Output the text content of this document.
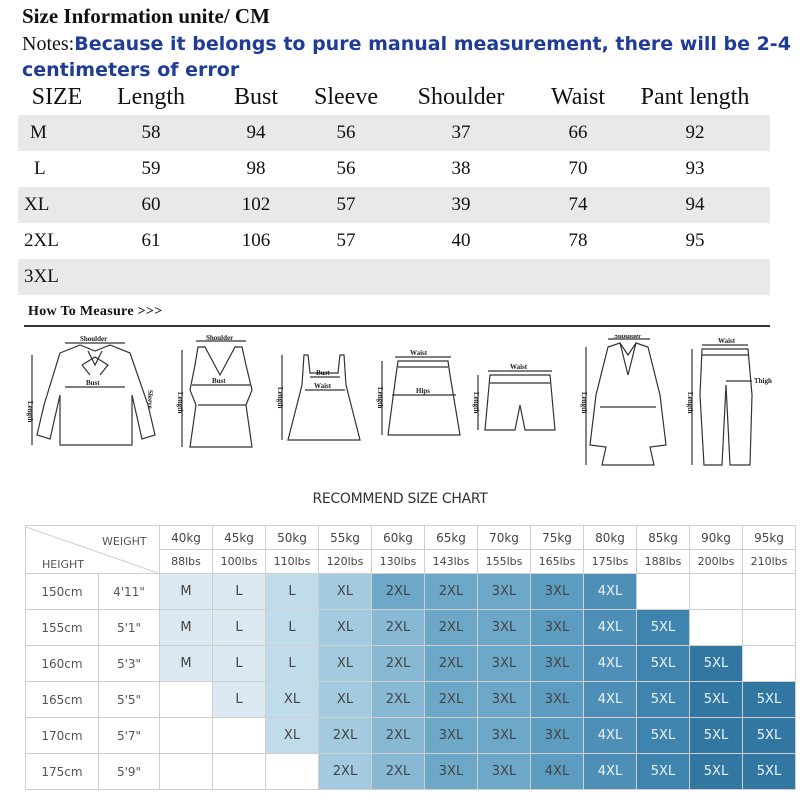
Size Information unite/ CM
Notes:Because it belongs to pure manual measurement, there will be 2-4 centimeters of error
SIZE	Length	Bust	Sleeve	Shoulder	Waist	Pant length
M	58	94	56	37	66	92
L	59	98	56	38	70	93
XL	60	102	57	39	74	94
2XL	61	106	57	40	78	95
3XL						
How To Measure >>>
Shoulder
Bust
Length
Sleeve
Shoulder
Bust
Length
Bust
Waist
Length
Waist
Hips
Length
Waist
Length
Shoulder
Length
Waist
Thigh
Length
RECOMMEND SIZE CHART
WEIGHT
HEIGHT		40kg	45kg	50kg	55kg	60kg	65kg	70kg	75kg	80kg	85kg	90kg	95kg
		88lbs	100lbs	110lbs	120lbs	130lbs	143lbs	155lbs	165lbs	175lbs	188lbs	200lbs	210lbs
150cm	4'11"	M	L	L	XL	2XL	2XL	3XL	3XL	4XL			
155cm	5'1"	M	L	L	XL	2XL	2XL	3XL	3XL	4XL	5XL		
160cm	5'3"	M	L	L	XL	2XL	2XL	3XL	3XL	4XL	5XL	5XL	
165cm	5'5"		L	XL	XL	2XL	2XL	3XL	3XL	4XL	5XL	5XL	5XL
170cm	5'7"			XL	2XL	2XL	3XL	3XL	3XL	4XL	5XL	5XL	5XL
175cm	5'9"				2XL	2XL	3XL	3XL	4XL	4XL	5XL	5XL	5XL
